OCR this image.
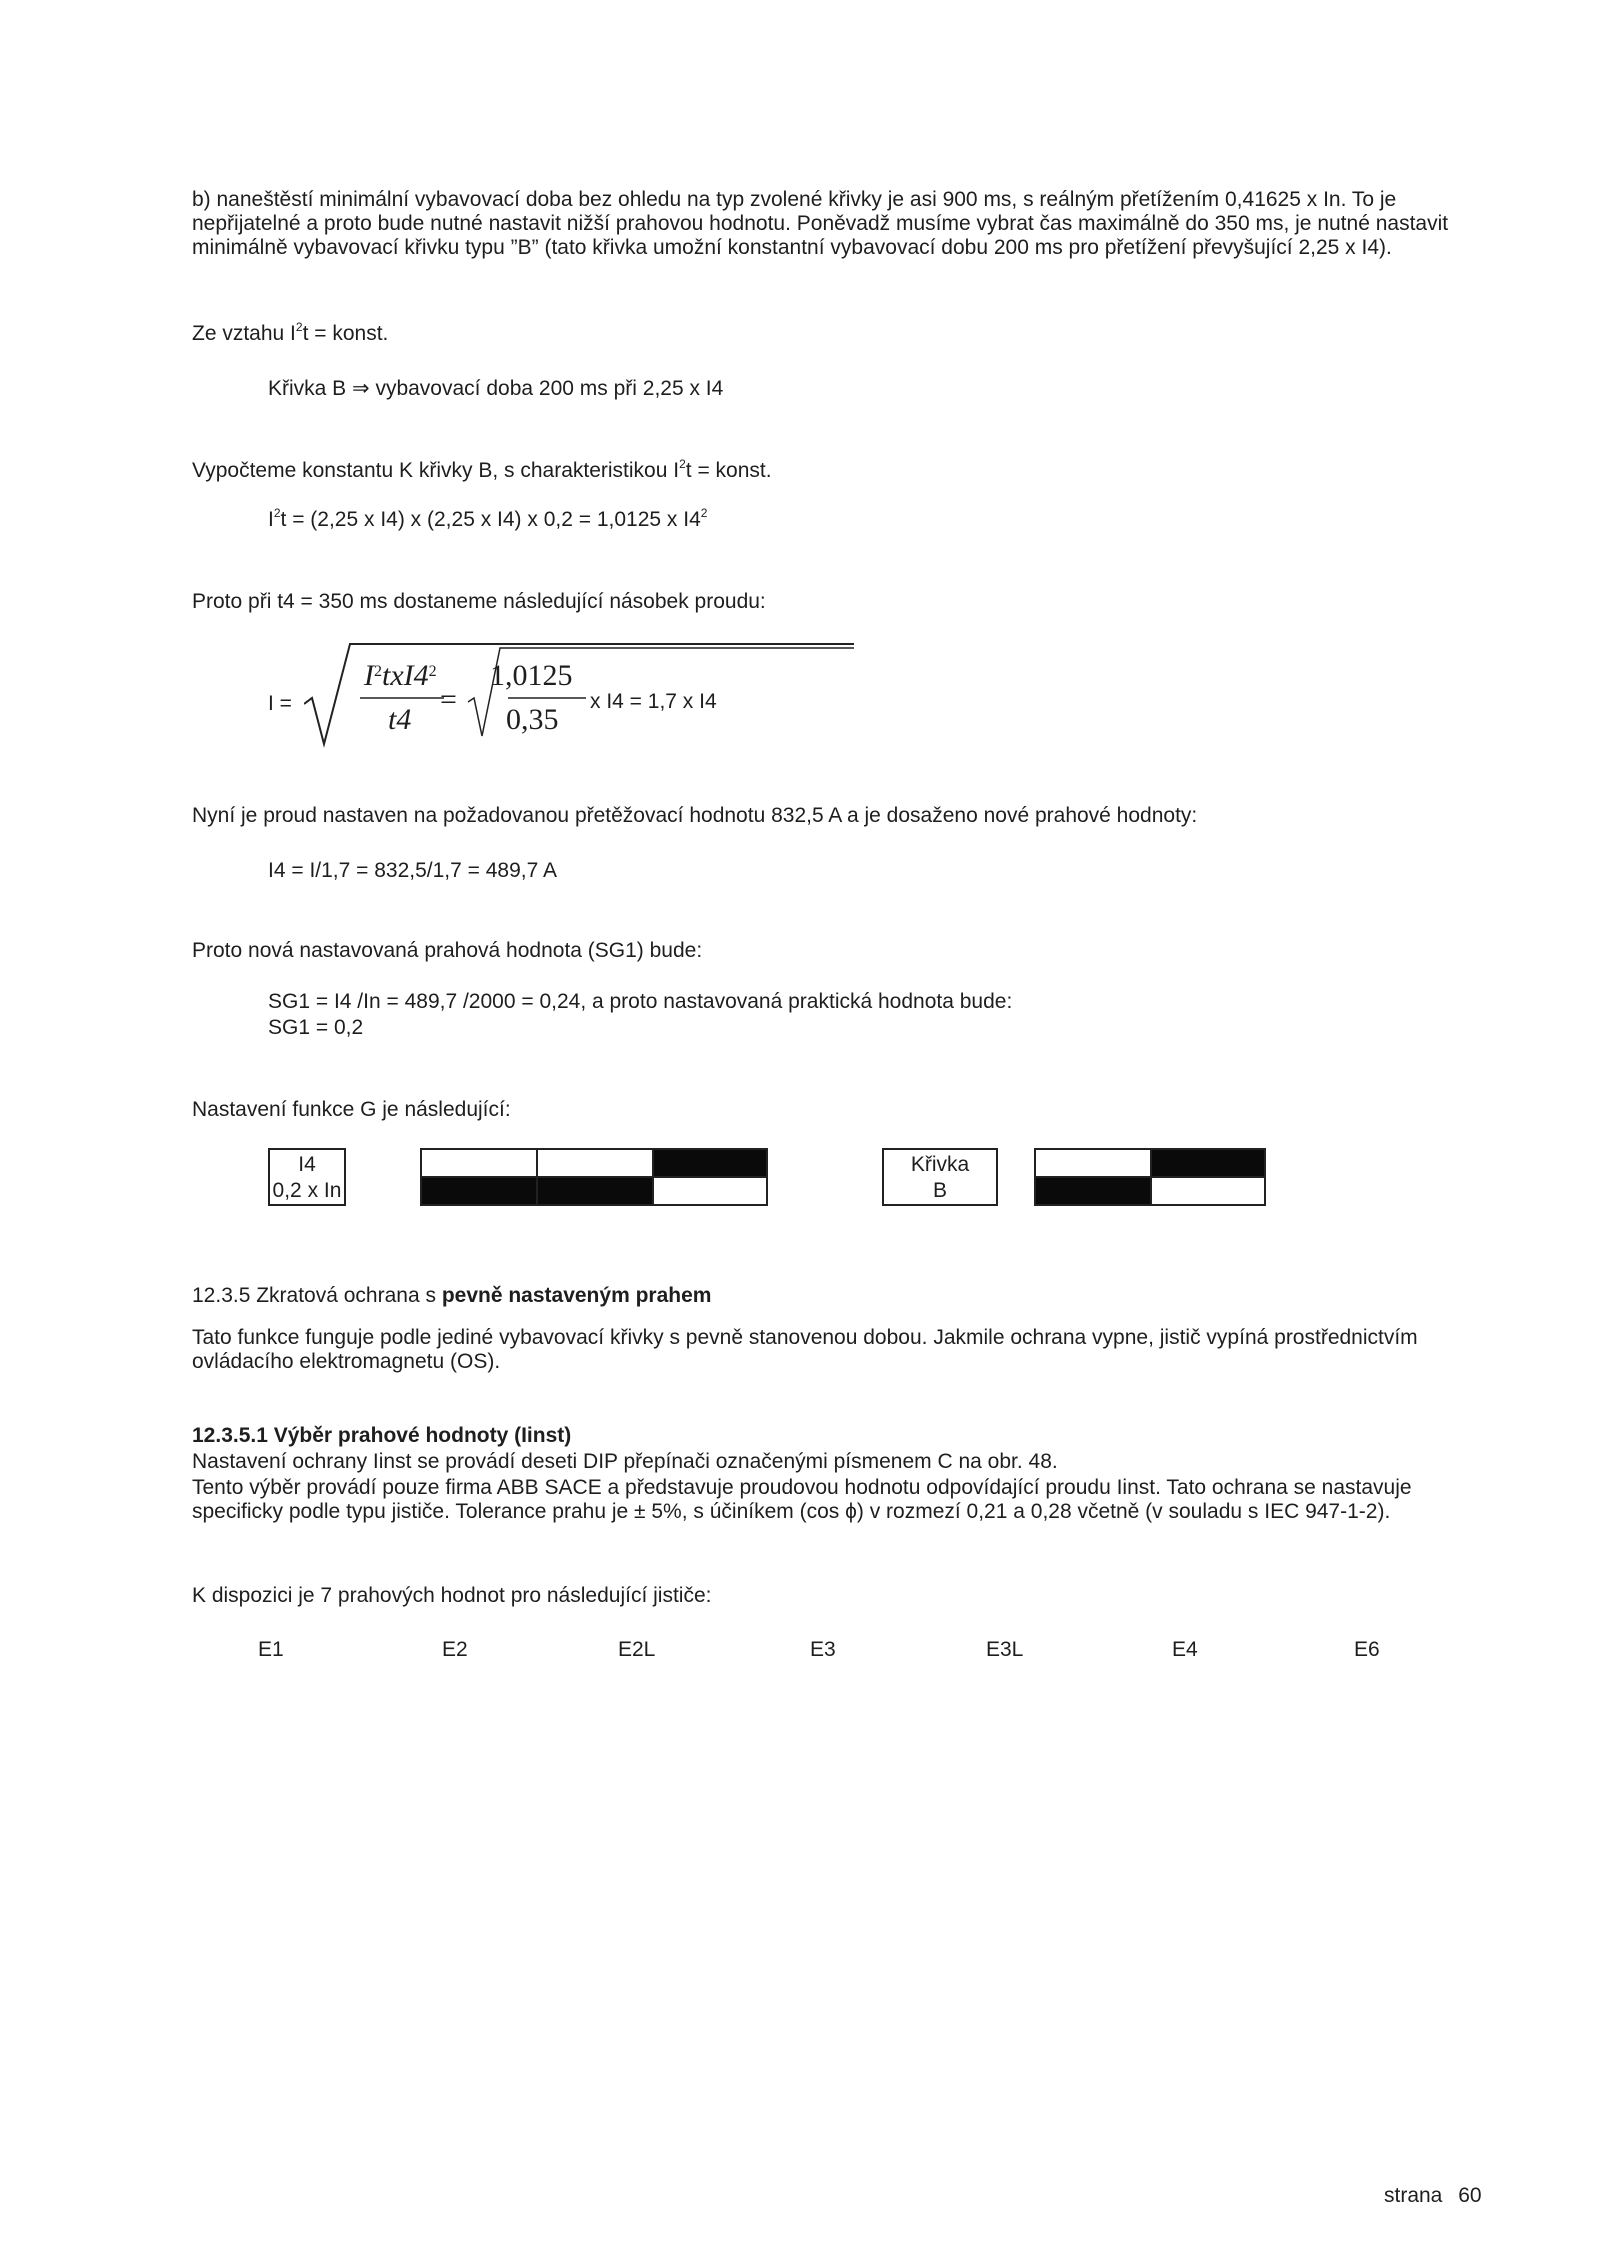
b) naneštěstí minimální vybavovací doba bez ohledu na typ zvolené křivky je asi 900 ms, s reálným přetížením 0,41625 x In. To je nepřijatelné a proto bude nutné nastavit nižší prahovou hodnotu. Poněvadž musíme vybrat čas maximálně do 350 ms, je nutné nastavit minimálně vybavovací křivku typu ”B” (tato křivka umožní konstantní vybavovací dobu 200 ms pro přetížení převyšující 2,25 x I4).
Ze vztahu $I^2t$ = konst.
Křivka B ⇒ vybavovací doba 200 ms při 2,25 x I4
Vypočteme konstantu K křivky B, s charakteristikou $I^2t$ = konst.
$I^2t = (2,25$ x I4) x (2,25 x I4) x 0,2 = 1,0125 x $I4^2$
Proto při t4 = 350 ms dostaneme následující násobek proudu:
I =
$I^2txI4^2$
t4
=
1,0125
0,35
x I4 = 1,7 x I4
Nyní je proud nastaven na požadovanou přetěžovací hodnotu 832,5 A a je dosaženo nové prahové hodnoty:
I4 = I/1,7 = 832,5/1,7 = 489,7 A
Proto nová nastavovaná prahová hodnota (SG1) bude:
SG1 = I4 /In = 489,7 /2000 = 0,24, a proto nastavovaná praktická hodnota bude:
SG1 = 0,2
Nastavení funkce G je následující:
I4
0,2 x In
Křivka
B
12.3.5 Zkratová ochrana s pevně nastaveným prahem
Tato funkce funguje podle jediné vybavovací křivky s pevně stanovenou dobou. Jakmile ochrana vypne, jistič vypíná prostřednictvím ovládacího elektromagnetu (OS).
12.3.5.1 Výběr prahové hodnoty (Iinst)
Nastavení ochrany Iinst se provádí deseti DIP přepínači označenými písmenem C na obr. 48.
Tento výběr provádí pouze firma ABB SACE a představuje proudovou hodnotu odpovídající proudu Iinst. Tato ochrana se nastavuje specificky podle typu jističe. Tolerance prahu je ± 5%, s účiníkem (cos ϕ) v rozmezí 0,21 a 0,28 včetně (v souladu s IEC 947-1-2).
K dispozici je 7 prahových hodnot pro následující jističe:
E1	E2	E2L	E3	E3L	E4	E6
strana 60
